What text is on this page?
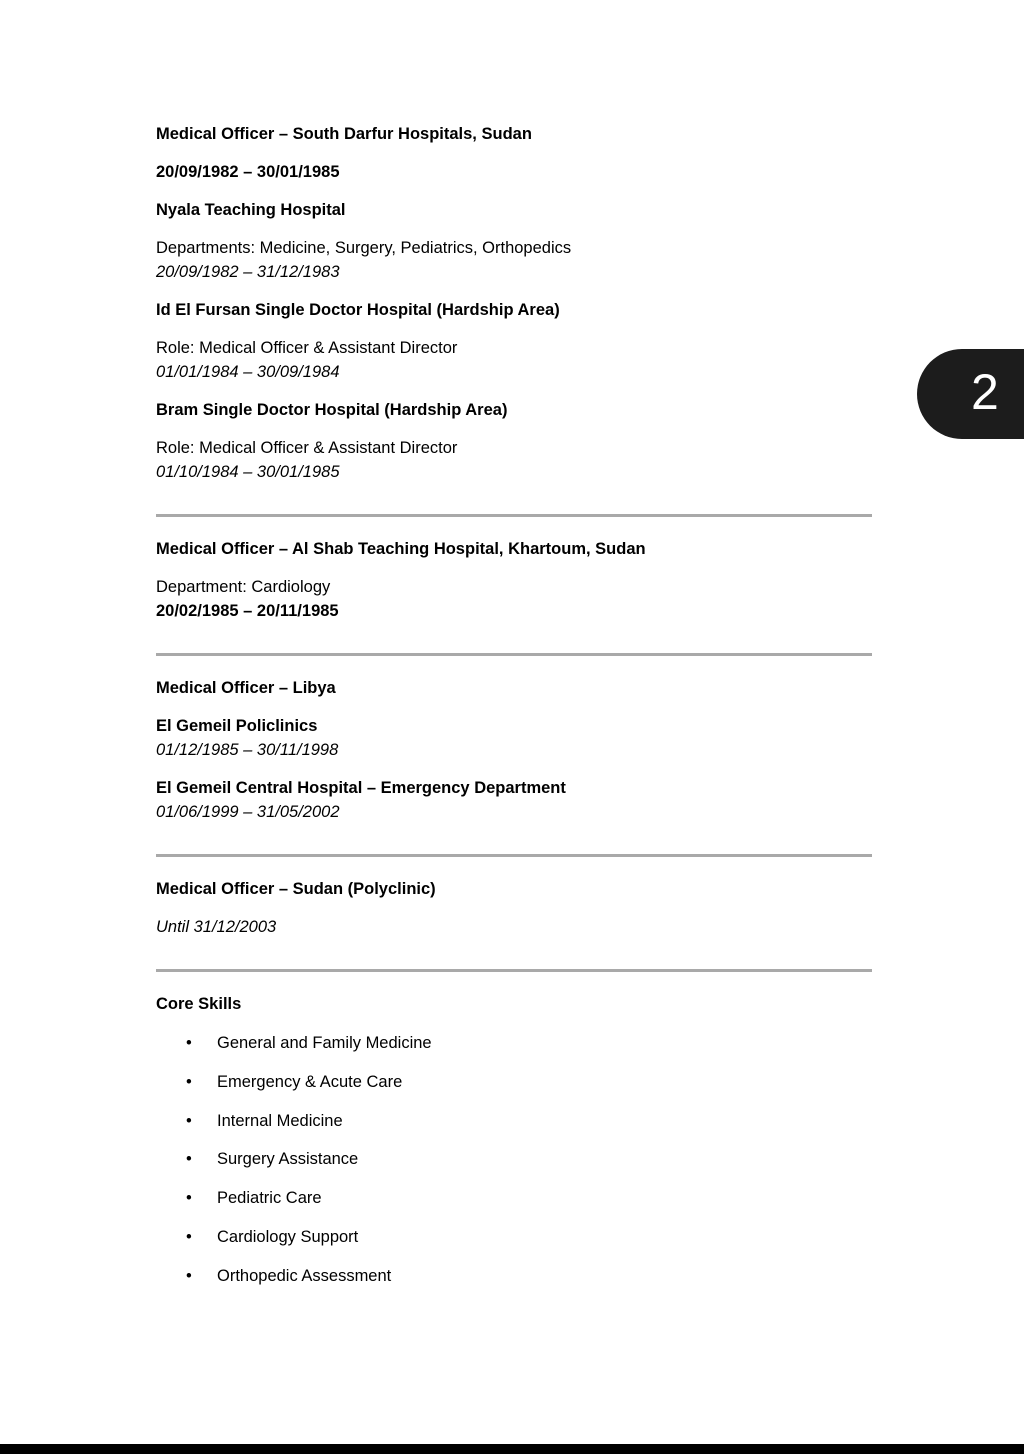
Medical Officer – South Darfur Hospitals, Sudan
20/09/1982 – 30/01/1985
Nyala Teaching Hospital
Departments: Medicine, Surgery, Pediatrics, Orthopedics
20/09/1982 – 31/12/1983
Id El Fursan Single Doctor Hospital (Hardship Area)
Role: Medical Officer & Assistant Director
01/01/1984 – 30/09/1984
Bram Single Doctor Hospital (Hardship Area)
Role: Medical Officer & Assistant Director
01/10/1984 – 30/01/1985
Medical Officer – Al Shab Teaching Hospital, Khartoum, Sudan
Department: Cardiology
20/02/1985 – 20/11/1985
Medical Officer – Libya
El Gemeil Policlinics
01/12/1985 – 30/11/1998
El Gemeil Central Hospital – Emergency Department
01/06/1999 – 31/05/2002
Medical Officer – Sudan (Polyclinic)
Until 31/12/2003
Core Skills
• General and Family Medicine
• Emergency & Acute Care
• Internal Medicine
• Surgery Assistance
• Pediatric Care
• Cardiology Support
• Orthopedic Assessment
2
